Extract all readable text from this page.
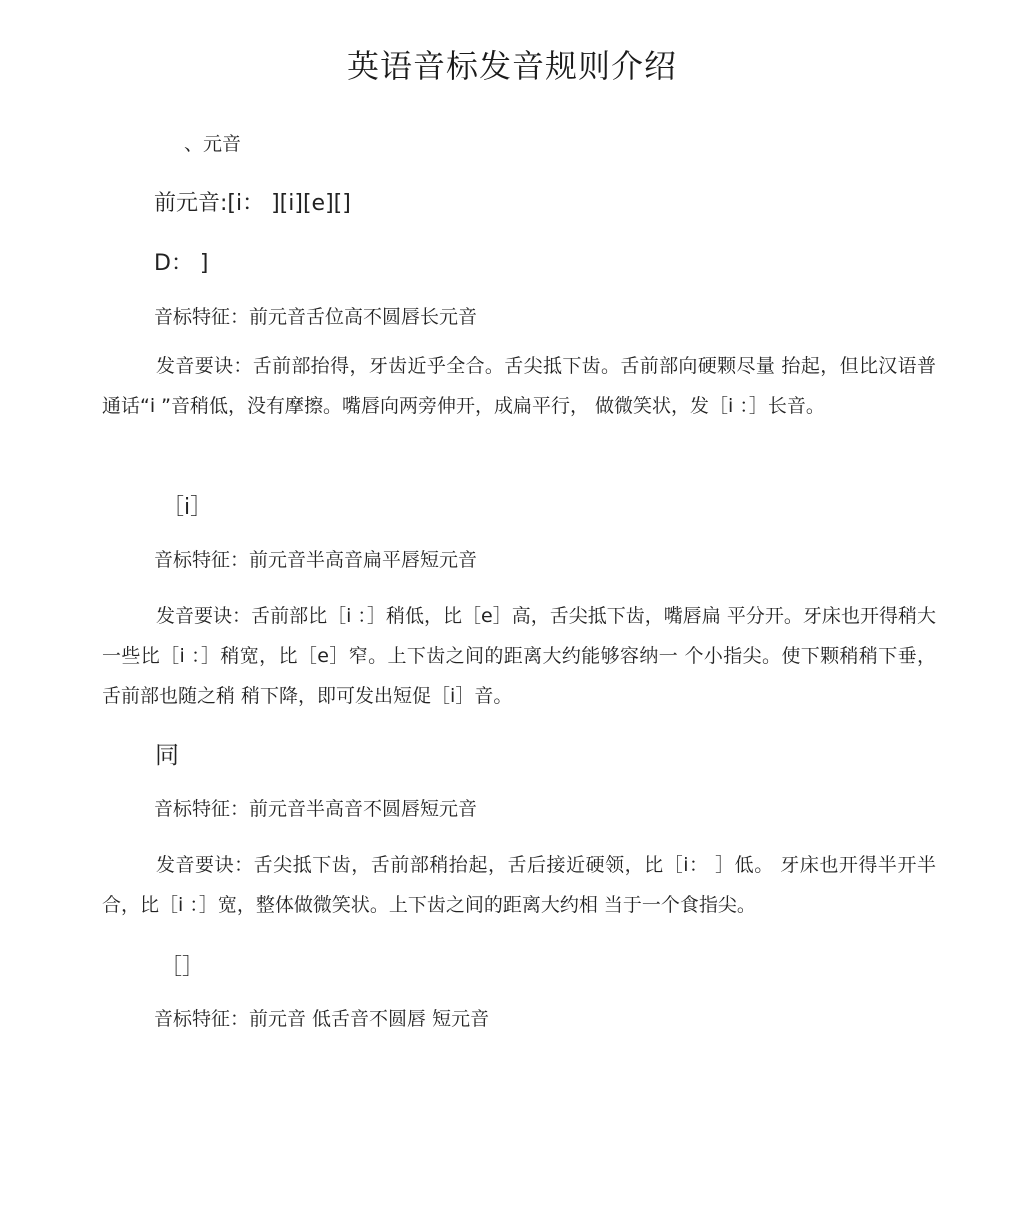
英语音标发音规则介绍
、元音
前元音:[i： ][i][e][]
D： ]
音标特征：前元音舌位高不圆唇长元音
发音要诀：舌前部抬得，牙齿近乎全合。舌尖抵下齿。舌前部向硬颗尽量 抬起，但比汉语普通话“i ”音稍低，没有摩擦。嘴唇向两旁伸开，成扁平行， 做微笑状，发［i ：］长音。
［i］
音标特征：前元音半高音扁平唇短元音
发音要诀：舌前部比［i ：］稍低，比［e］高，舌尖抵下齿，嘴唇扁 平分开。牙床也开得稍大一些比［i ：］稍宽，比［e］窄。上下齿之间的距离大约能够容纳一 个小指尖。使下颗稍稍下垂，舌前部也随之稍 稍下降，即可发出短促［i］音。
同
音标特征：前元音半高音不圆唇短元音
发音要诀：舌尖抵下齿，舌前部稍抬起，舌后接近硬领，比［i： ］低。 牙床也开得半开半合，比［i ：］宽，整体做微笑状。上下齿之间的距离大约相 当于一个食指尖。
［］
音标特征：前元音 低舌音不圆唇 短元音
